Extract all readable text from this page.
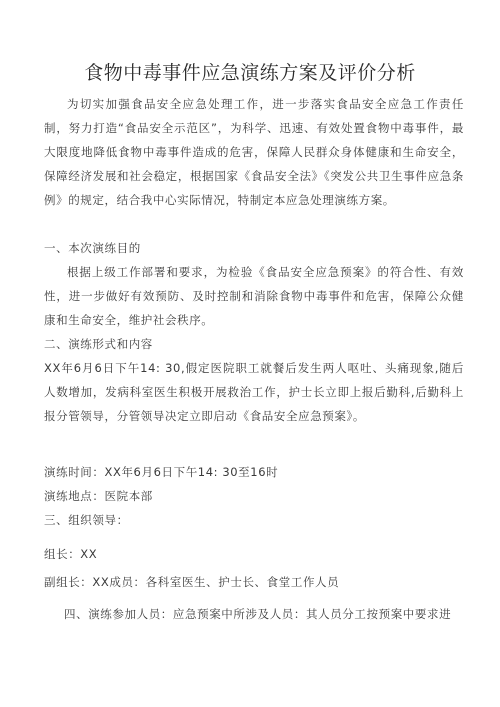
食物中毒事件应急演练方案及评价分析

为切实加强食品安全应急处理工作，进一步落实食品安全应急工作责任制，努力打造“食品安全示范区”，为科学、迅速、有效处置食物中毒事件，最大限度地降低食物中毒事件造成的危害，保障人民群众身体健康和生命安全，保障经济发展和社会稳定，根据国家《食品安全法》《突发公共卫生事件应急条例》的规定，结合我中心实际情况，特制定本应急处理演练方案。

一、本次演练目的

根据上级工作部署和要求，为检验《食品安全应急预案》的符合性、有效性，进一步做好有效预防、及时控制和消除食物中毒事件和危害，保障公众健康和生命安全，维护社会秩序。

二、演练形式和内容

XX年6月6日下午14: 30,假定医院职工就餐后发生两人呕吐、头痛现象,随后人数增加，发病科室医生积极开展救治工作，护士长立即上报后勤科,后勤科上报分管领导，分管领导决定立即启动《食品安全应急预案》。

演练时间：XX年6月6日下午14: 30至16时

演练地点：医院本部

三、组织领导：

组长：XX

副组长：XX成员：各科室医生、护士长、食堂工作人员

四、演练参加人员：应急预案中所涉及人员：其人员分工按预案中要求进
